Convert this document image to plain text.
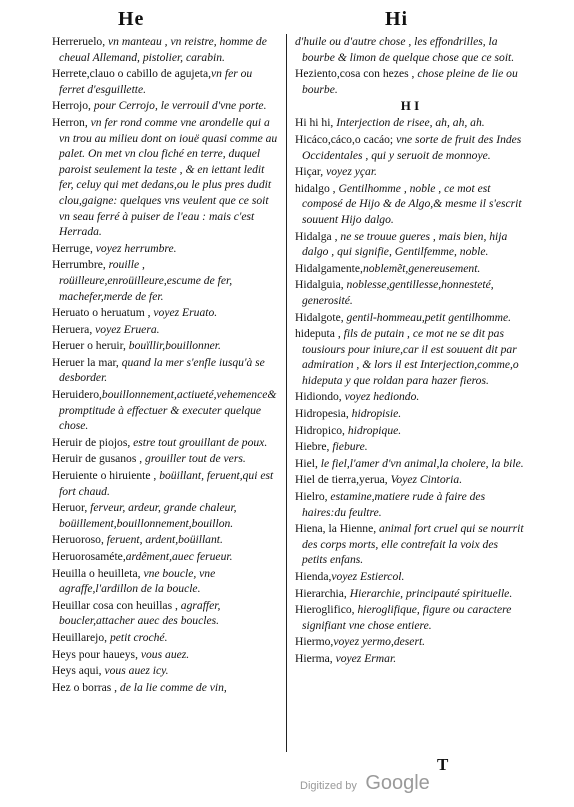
He	Hi
Herreruelo, vn manteau , vn reistre, homme de cheual Allemand, pistolier, carabin.
Herrete,clauo o cabillo de agujeta,vn fer ou ferret d'esguillette.
Herrojo, pour Cerrojo, le verrouil d'vne porte.
Herron, vn fer rond comme vne arondelle qui a vn trou au milieu dont on iouë quasi comme au palet. On met vn clou fiché en terre, duquel paroist seulement la teste , & en iettant ledit fer, celuy qui met dedans,ou le plus pres dudit clou,gaigne: quelques vns veulent que ce soit vn seau ferré à puiser de l'eau : mais c'est Herrada.
Herruge, voyez herrumbre.
Herrumbre, rouille , roüilleure,enroüilleure,escume de fer, machefer,merde de fer.
Heruato o heruatum , voyez Eruato.
Heruera, voyez Eruera.
Heruer o heruir, bouïllir,bouillonner.
Heruer la mar, quand la mer s'enfle iusqu'à se desborder.
Heruidero,bouillonnement,actiueté,vehemence& promptitude à effectuer & executer quelque chose.
Heruir de piojos, estre tout grouillant de poux.
Heruir de gusanos , grouiller tout de vers.
Heruiente o hiruiente , boüillant, feruent,qui est fort chaud.
Heruor, ferveur, ardeur, grande chaleur, boüillement,bouillonnement,bouillon.
Heruoroso, feruent, ardent,boüillant.
Heruorosaméte,ardêment,auec ferueur.
Heuilla o heuilleta, vne boucle, vne agraffe,l'ardillon de la boucle.
Heuillar cosa con heuillas , agraffer, boucler,attacher auec des boucles.
Heuillarejo, petit croché.
Heys pour haueys, vous auez.
Heys aqui, vous auez icy.
Hez o borras , de la lie comme de vin,
d'huile ou d'autre chose , les effondrilles, la bourbe & limon de quelque chose que ce soit.
Heziento,cosa con hezes , chose pleine de lie ou bourbe.
H I
Hi hi hi, Interjection de risee, ah, ah, ah.
Hicáco,cáco,o cacáo; vne sorte de fruit des Indes Occidentales , qui y seruoit de monnoye.
Hiçar, voyez yçar.
hidalgo , Gentilhomme , noble , ce mot est composé de Hijo & de Algo,& mesme il s'escrit souuent Hijo dalgo.
Hidalga , ne se trouue gueres , mais bien, hija dalgo , qui signifie, Gentilfemme, noble.
Hidalgamente,noblemẽt,genereusement.
Hidalguia, noblesse,gentillesse,honnesteté, generosité.
Hidalgote, gentil-hommeau,petit gentilhomme.
hideputa , fils de putain , ce mot ne se dit pas tousiours pour iniure,car il est souuent dit par admiration , & lors il est Interjection,comme,o hideputa y que roldan para hazer fieros.
Hidiondo, voyez hediondo.
Hidropesia, hidropisie.
Hidropico, hidropique.
Hiebre, fiebure.
Hiel, le fiel,l'amer d'vn animal,la cholere, la bile.
Hiel de tierra,yerua, Voyez Cintoria.
Hielro, estamine,matiere rude à faire des haires:du feultre.
Hiena, la Hienne, animal fort cruel qui se nourrit des corps morts, elle contrefait la voix des petits enfans.
Hienda,voyez Estiercol.
Hierarchia, Hierarchie, principauté spirituelle.
Hieroglifico, hieroglifique, figure ou caractere signifiant vne chose entiere.
Hiermo,voyez yermo,desert.
Hierma, voyez Ermar.
T
Digitized by Google
